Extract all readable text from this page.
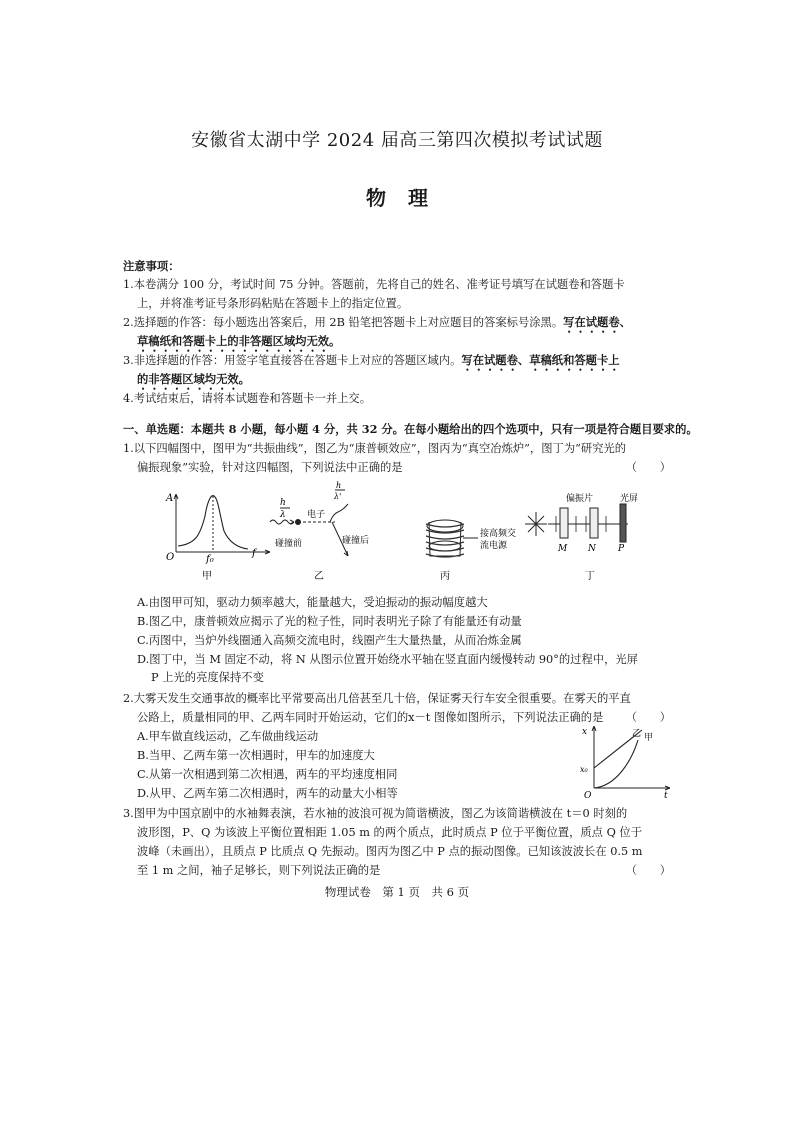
安徽省太湖中学 2024 届高三第四次模拟考试试题
物理
注意事项：
1.本卷满分 100 分，考试时间 75 分钟。答题前，先将自己的姓名、准考证号填写在试题卷和答题卡
上，并将准考证号条形码粘贴在答题卡上的指定位置。
2.选择题的作答：每小题选出答案后，用 2B 铅笔把答题卡上对应题目的答案标号涂黑。写在试题卷、
草稿纸和答题卡上的非答题区域均无效。
3.非选择题的作答：用签字笔直接答在答题卡上对应的答题区域内。写在试题卷、草稿纸和答题卡上
的非答题区域均无效。
4.考试结束后，请将本试题卷和答题卡一并上交。
一、单选题：本题共 8 小题，每小题 4 分，共 32 分。在每小题给出的四个选项中，只有一项是符合题目要求的。
1.以下四幅图中，图甲为“共振曲线”，图乙为“康普顿效应”，图丙为“真空冶炼炉”，图丁为“研究光的
偏振现象”实验，针对这四幅图，下列说法中正确的是	（　　）
A
O	f₀
f
甲
h
λ 电子
h
λ'
碰撞前	碰撞后
乙
接高频交
流电源
丙
偏振片	光屏
M N P
丁
A.由图甲可知，驱动力频率越大，能量越大，受迫振动的振动幅度越大
B.图乙中，康普顿效应揭示了光的粒子性，同时表明光子除了有能量还有动量
C.丙图中，当炉外线圈通入高频交流电时，线圈产生大量热量，从而冶炼金属
D.图丁中，当 M 固定不动，将 N 从图示位置开始绕水平轴在竖直面内缓慢转动 90°的过程中，光屏
P 上光的亮度保持不变
2.大雾天发生交通事故的概率比平常要高出几倍甚至几十倍，保证雾天行车安全很重要。在雾天的平直
公路上，质量相同的甲、乙两车同时开始运动，它们的x－t 图像如图所示，下列说法正确的是 （　　）
A.甲车做直线运动，乙车做曲线运动
B.当甲、乙两车第一次相遇时，甲车的加速度大
C.从第一次相遇到第二次相遇，两车的平均速度相同
D.从甲、乙两车第二次相遇时，两车的动量大小相等
x
t
O
x₀
乙 甲
3.图甲为中国京剧中的水袖舞表演，若水袖的波浪可视为简谐横波，图乙为该简谐横波在 t＝0 时刻的
波形图，P、Q 为该波上平衡位置相距 1.05 m 的两个质点，此时质点 P 位于平衡位置，质点 Q 位于
波峰（未画出），且质点 P 比质点 Q 先振动。图丙为图乙中 P 点的振动图像。已知该波波长在 0.5 m
至 1 m 之间，袖子足够长，则下列说法正确的是	（　　）
物理试卷　第 1 页　共 6 页
